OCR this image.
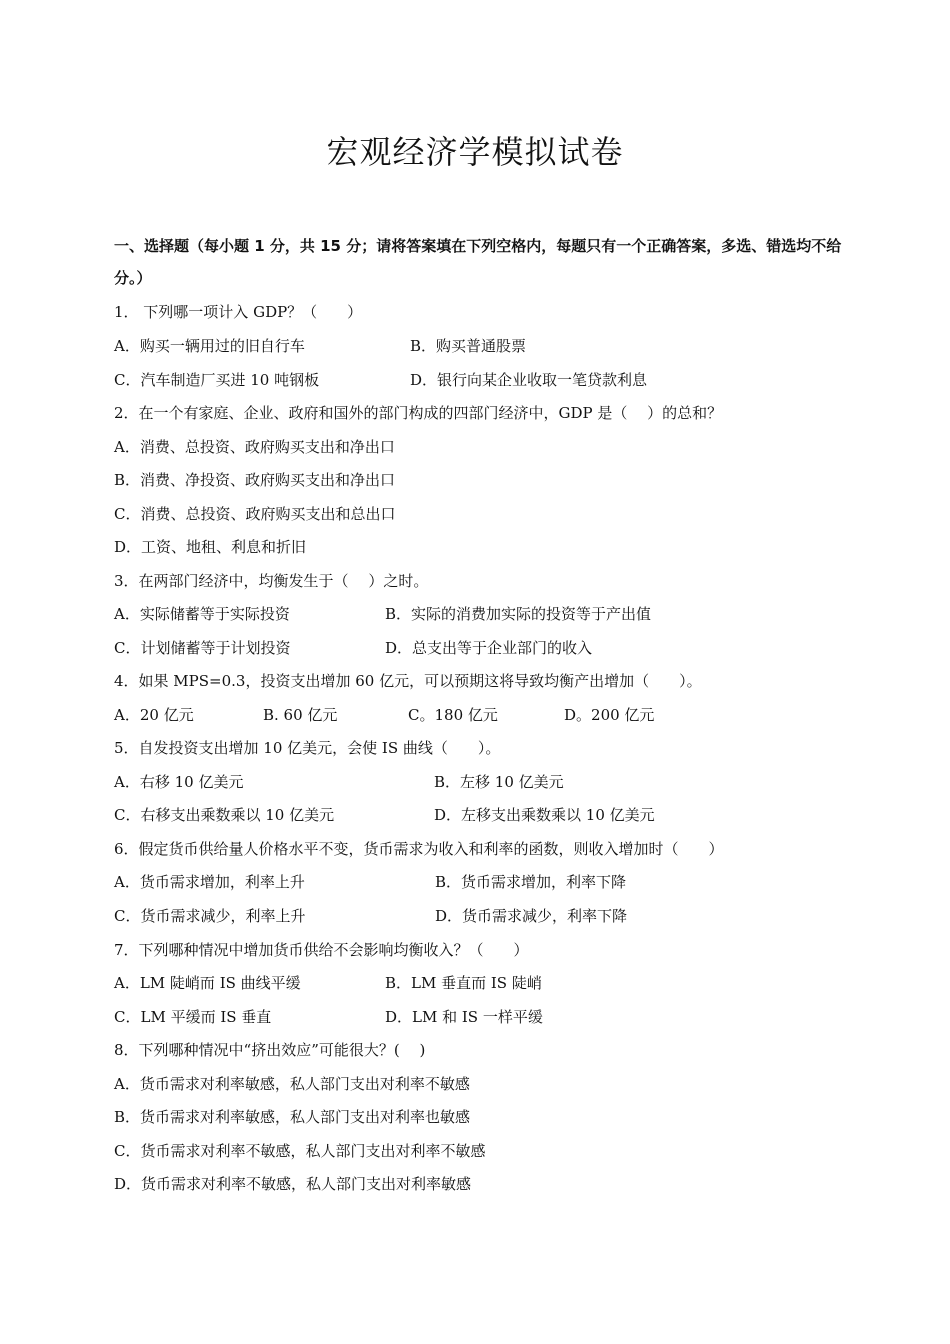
宏观经济学模拟试卷
一、选择题（每小题 1 分，共 15 分；请将答案填在下列空格内，每题只有一个正确答案，多选、错选均不给分。）
1． 下列哪一项计入 GDP？（　　）
A．购买一辆用过的旧自行车	B．购买普通股票
C．汽车制造厂买进 10 吨钢板	D．银行向某企业收取一笔贷款利息
2．在一个有家庭、企业、政府和国外的部门构成的四部门经济中，GDP 是（　 ）的总和？
A．消费、总投资、政府购买支出和净出口
B．消费、净投资、政府购买支出和净出口
C．消费、总投资、政府购买支出和总出口
D．工资、地租、利息和折旧
3．在两部门经济中，均衡发生于（　 ）之时。
A．实际储蓄等于实际投资	B．实际的消费加实际的投资等于产出值
C．计划储蓄等于计划投资	D．总支出等于企业部门的收入
4．如果 MPS=0.3，投资支出增加 60 亿元，可以预期这将导致均衡产出增加（　　）。
A．20 亿元	B. 60 亿元	C。180 亿元	D。200 亿元
5．自发投资支出增加 10 亿美元，会使 IS 曲线（　　）。
A．右移 10 亿美元	B．左移 10 亿美元
C．右移支出乘数乘以 10 亿美元	D．左移支出乘数乘以 10 亿美元
6．假定货币供给量人价格水平不变，货币需求为收入和利率的函数，则收入增加时（　　）
A．货币需求增加，利率上升	B．货币需求增加，利率下降
C．货币需求减少，利率上升	D．货币需求减少，利率下降
7．下列哪种情况中增加货币供给不会影响均衡收入？（　　）
A．LM 陡峭而 IS 曲线平缓	B．LM 垂直而 IS 陡峭
C．LM 平缓而 IS 垂直	D．LM 和 IS 一样平缓
8．下列哪种情况中“挤出效应”可能很大？( 　)
A．货币需求对利率敏感，私人部门支出对利率不敏感
B．货币需求对利率敏感，私人部门支出对利率也敏感
C．货币需求对利率不敏感，私人部门支出对利率不敏感
D．货币需求对利率不敏感，私人部门支出对利率敏感
